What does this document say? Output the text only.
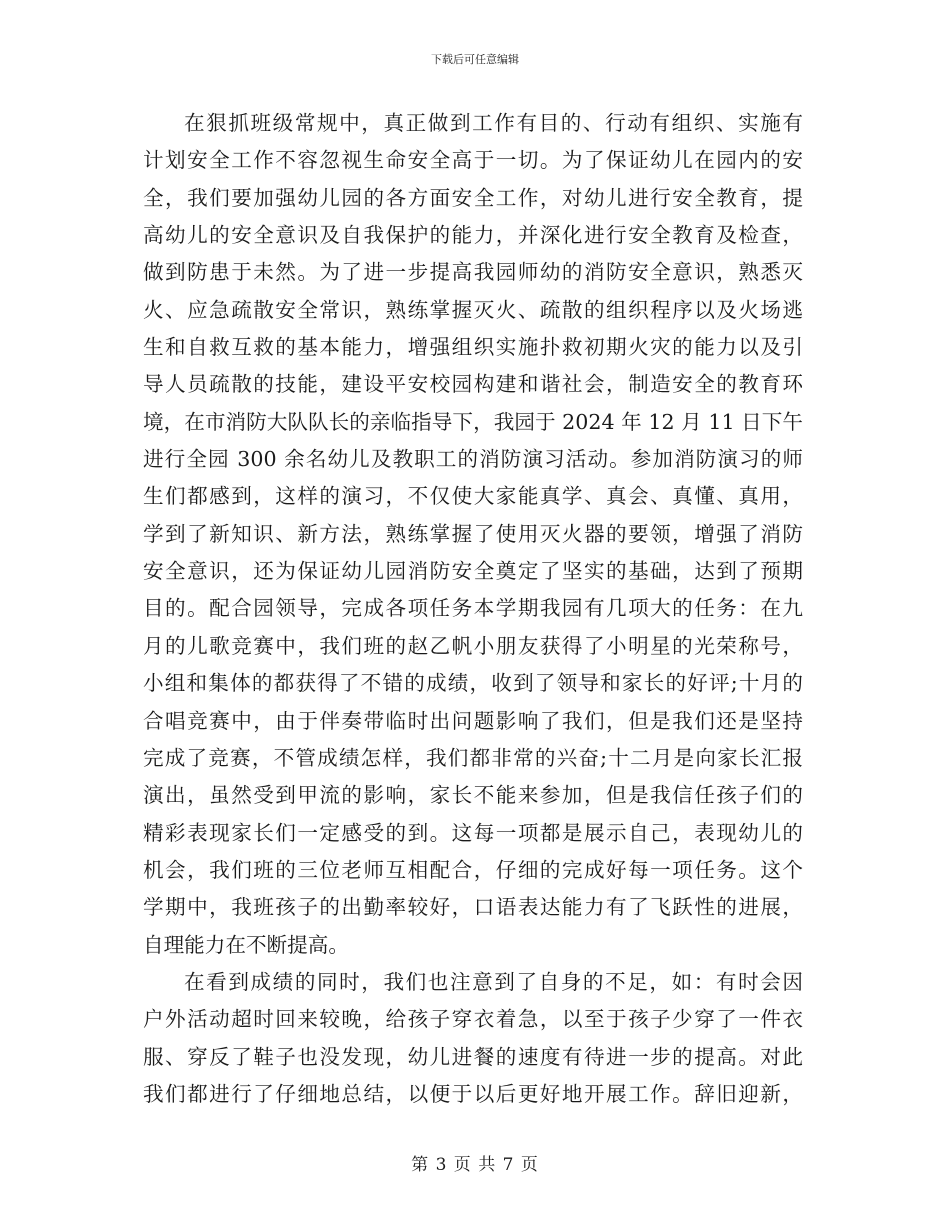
下载后可任意编辑
在狠抓班级常规中，真正做到工作有目的、行动有组织、实施有
计划安全工作不容忽视生命安全高于一切。为了保证幼儿在园内的安
全，我们要加强幼儿园的各方面安全工作，对幼儿进行安全教育，提
高幼儿的安全意识及自我保护的能力，并深化进行安全教育及检查，
做到防患于未然。为了进一步提高我园师幼的消防安全意识，熟悉灭
火、应急疏散安全常识，熟练掌握灭火、疏散的组织程序以及火场逃
生和自救互救的基本能力，增强组织实施扑救初期火灾的能力以及引
导人员疏散的技能，建设平安校园构建和谐社会，制造安全的教育环
境，在市消防大队队长的亲临指导下，我园于 2024 年 12 月 11 日下午
进行全园 300 余名幼儿及教职工的消防演习活动。参加消防演习的师
生们都感到，这样的演习，不仅使大家能真学、真会、真懂、真用，
学到了新知识、新方法，熟练掌握了使用灭火器的要领，增强了消防
安全意识，还为保证幼儿园消防安全奠定了坚实的基础，达到了预期
目的。配合园领导，完成各项任务本学期我园有几项大的任务：在九
月的儿歌竞赛中，我们班的赵乙帆小朋友获得了小明星的光荣称号，
小组和集体的都获得了不错的成绩，收到了领导和家长的好评;十月的
合唱竞赛中，由于伴奏带临时出问题影响了我们，但是我们还是坚持
完成了竞赛，不管成绩怎样，我们都非常的兴奋;十二月是向家长汇报
演出，虽然受到甲流的影响，家长不能来参加，但是我信任孩子们的
精彩表现家长们一定感受的到。这每一项都是展示自己，表现幼儿的
机会，我们班的三位老师互相配合，仔细的完成好每一项任务。这个
学期中，我班孩子的出勤率较好，口语表达能力有了飞跃性的进展，
自理能力在不断提高。
在看到成绩的同时，我们也注意到了自身的不足，如：有时会因
户外活动超时回来较晚，给孩子穿衣着急，以至于孩子少穿了一件衣
服、穿反了鞋子也没发现，幼儿进餐的速度有待进一步的提高。对此
我们都进行了仔细地总结，以便于以后更好地开展工作。辞旧迎新，
第 3 页 共 7 页
